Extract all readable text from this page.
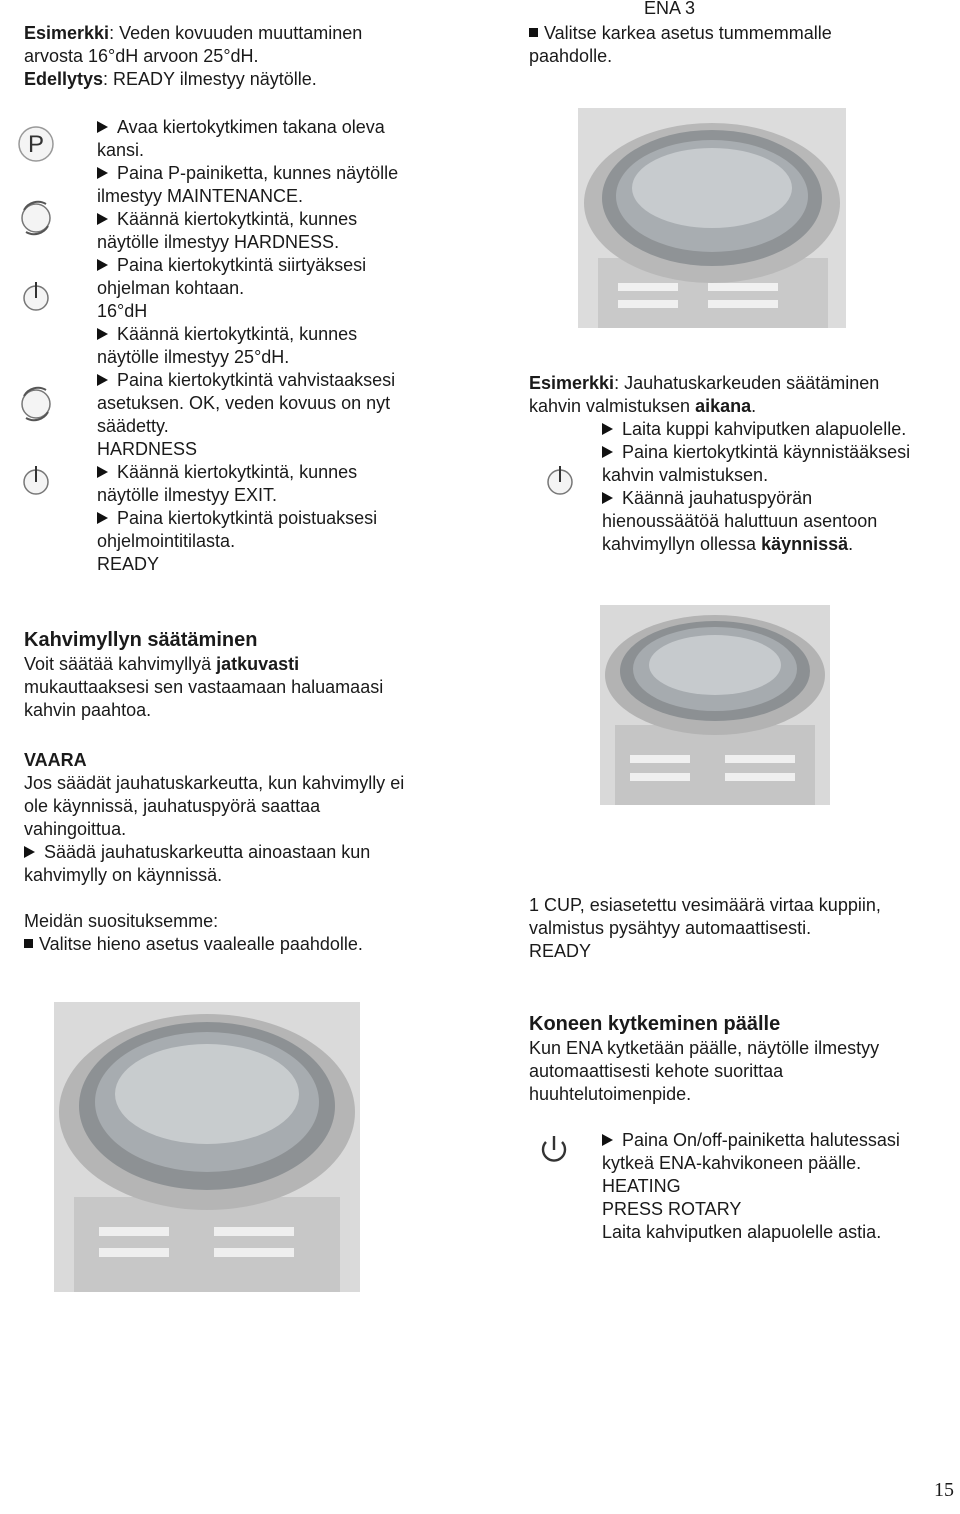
ENA 3
Esimerkki: Veden kovuuden muuttaminen
arvosta 16°dH arvoon 25°dH.
Edellytys: READY ilmestyy näytölle.
P
Avaa kiertokytkimen takana oleva
kansi.
Paina P-painiketta, kunnes näytölle
ilmestyy MAINTENANCE.
Käännä kiertokytkintä, kunnes
näytölle ilmestyy HARDNESS.
Paina kiertokytkintä siirtyäksesi
ohjelman kohtaan.
16°dH
Käännä kiertokytkintä, kunnes
näytölle ilmestyy 25°dH.
Paina kiertokytkintä vahvistaaksesi
asetuksen. OK, veden kovuus on nyt
säädetty.
HARDNESS
Käännä kiertokytkintä, kunnes
näytölle ilmestyy EXIT.
Paina kiertokytkintä poistuaksesi
ohjelmointitilasta.
READY
Kahvimyllyn säätäminen
Voit säätää kahvimyllyä jatkuvasti
mukauttaaksesi sen vastaamaan haluamaasi
kahvin paahtoa.
VAARA
Jos säädät jauhatuskarkeutta, kun kahvimylly ei
ole käynnissä, jauhatuspyörä saattaa
vahingoittua.
Säädä jauhatuskarkeutta ainoastaan kun
kahvimylly on käynnissä.
Meidän suosituksemme:
Valitse hieno asetus vaalealle paahdolle.
Valitse karkea asetus tummemmalle
paahdolle.
Esimerkki: Jauhatuskarkeuden säätäminen
kahvin valmistuksen aikana.
Laita kuppi kahviputken alapuolelle.
Paina kiertokytkintä käynnistääksesi
kahvin valmistuksen.
Käännä jauhatuspyörän
hienoussäätöä haluttuun asentoon
kahvimyllyn ollessa käynnissä.
1 CUP, esiasetettu vesimäärä virtaa kuppiin,
valmistus pysähtyy automaattisesti.
READY
Koneen kytkeminen päälle
Kun ENA kytketään päälle, näytölle ilmestyy
automaattisesti kehote suorittaa
huuhtelutoimenpide.
Paina On/off-painiketta halutessasi
kytkeä ENA-kahvikoneen päälle.
HEATING
PRESS ROTARY
Laita kahviputken alapuolelle astia.
15
